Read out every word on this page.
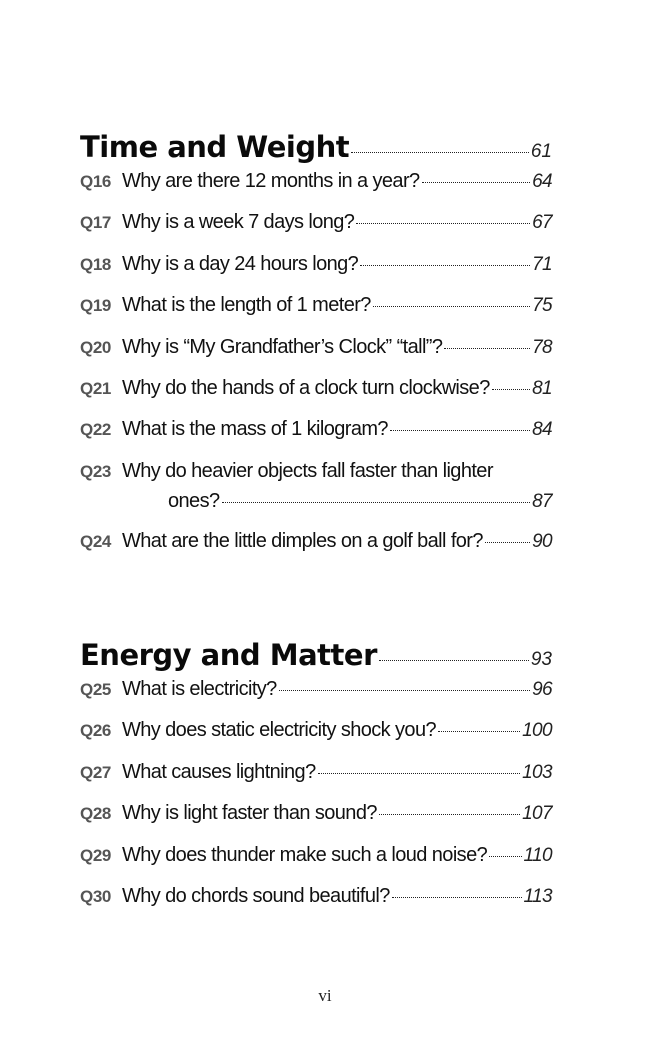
Time and Weight	61
Q16 Why are there 12 months in a year?	64
Q17 Why is a week 7 days long?	67
Q18 Why is a day 24 hours long?	71
Q19 What is the length of 1 meter?	75
Q20 Why is “My Grandfather’s Clock” “tall”?	78
Q21 Why do the hands of a clock turn clockwise? 81
Q22 What is the mass of 1 kilogram?	84
Q23 Why do heavier objects fall faster than lighter
ones?	87
Q24 What are the little dimples on a golf ball for?	90
Energy and Matter	93
Q25 What is electricity?	96
Q26 Why does static electricity shock you?	100
Q27 What causes lightning?	103
Q28 Why is light faster than sound?	107
Q29 Why does thunder make such a loud noise? 110
Q30 Why do chords sound beautiful?	113
vi
